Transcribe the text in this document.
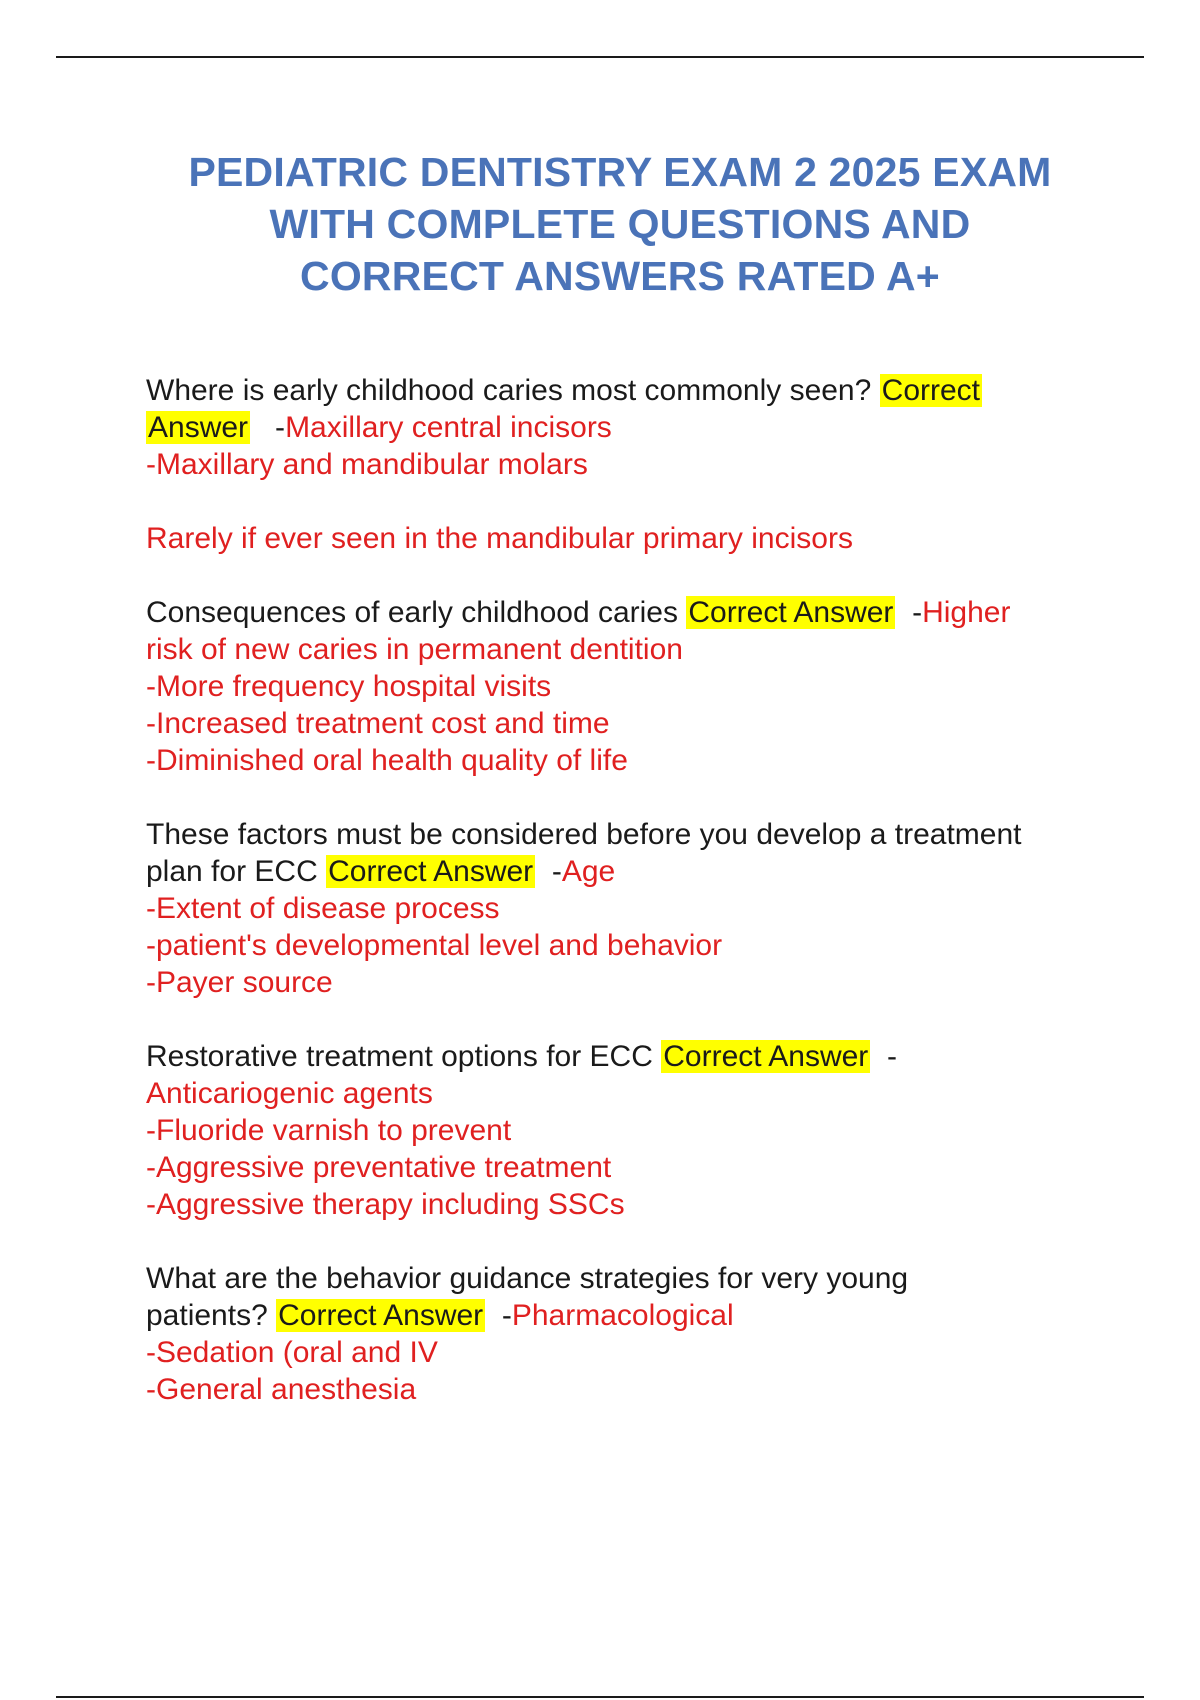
PEDIATRIC DENTISTRY EXAM 2 2025 EXAM
WITH COMPLETE QUESTIONS AND
CORRECT ANSWERS RATED A+
Where is early childhood caries most commonly seen? Correct
Answer   -Maxillary central incisors
-Maxillary and mandibular molars

Rarely if ever seen in the mandibular primary incisors
Consequences of early childhood caries Correct Answer  -Higher
risk of new caries in permanent dentition
-More frequency hospital visits
-Increased treatment cost and time
-Diminished oral health quality of life
These factors must be considered before you develop a treatment
plan for ECC Correct Answer  -Age
-Extent of disease process
-patient's developmental level and behavior
-Payer source
Restorative treatment options for ECC Correct Answer  -
Anticariogenic agents
-Fluoride varnish to prevent
-Aggressive preventative treatment
-Aggressive therapy including SSCs
What are the behavior guidance strategies for very young
patients? Correct Answer  -Pharmacological
-Sedation (oral and IV
-General anesthesia
